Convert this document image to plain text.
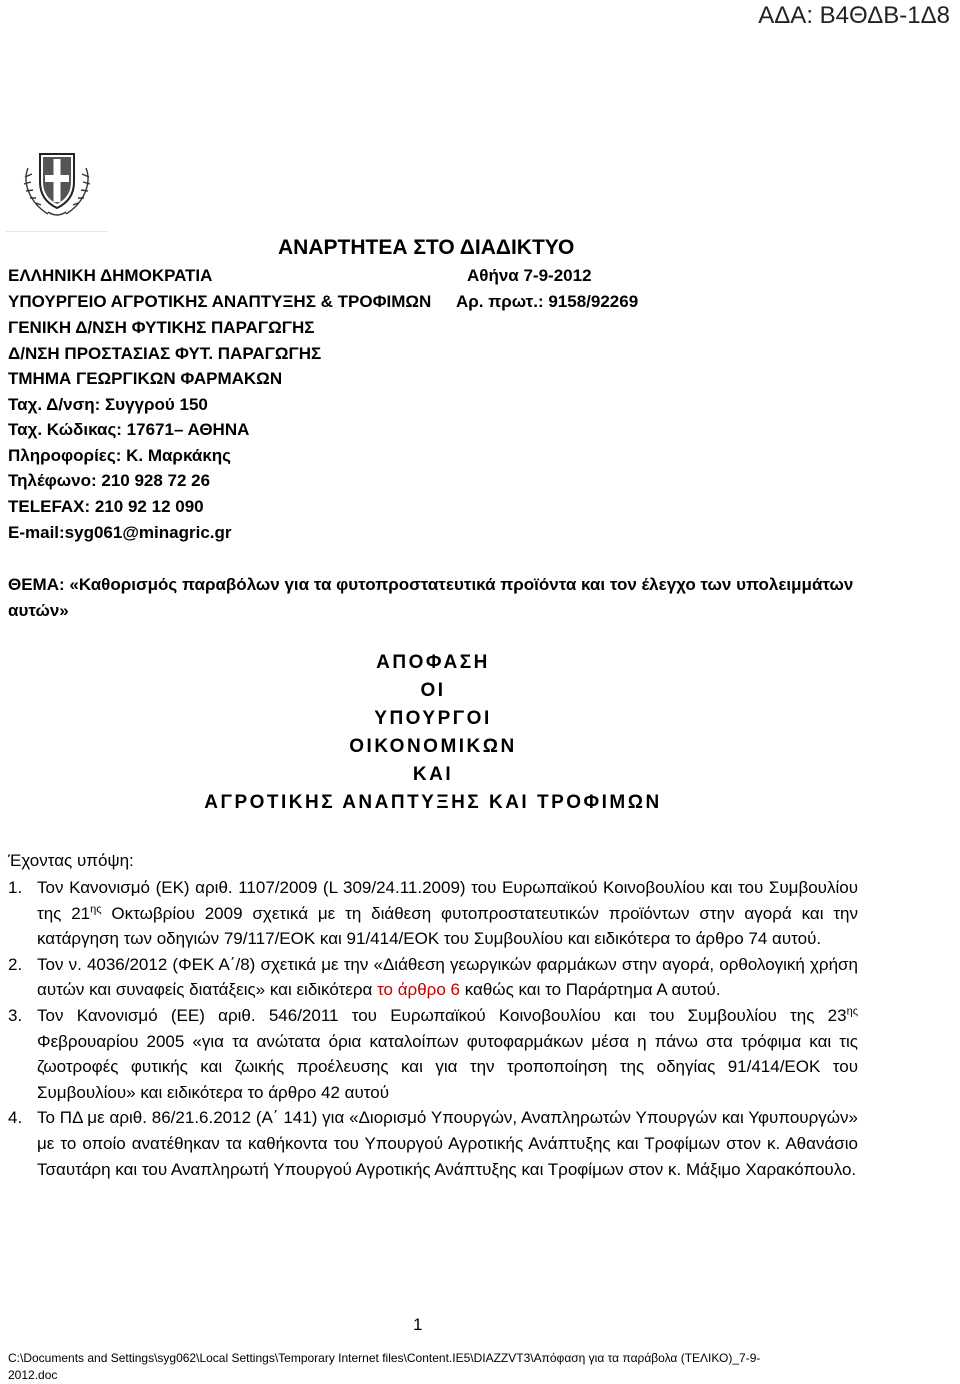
ΑΔΑ: Β4ΘΔΒ-1Δ8
ΑΝΑΡΤΗΤΕΑ ΣΤΟ ΔΙΑΔΙΚΤΥΟ
ΕΛΛΗΝΙΚΗ ΔΗΜΟΚΡΑΤΙΑ
ΥΠΟΥΡΓΕΙΟ ΑΓΡΟΤΙΚΗΣ ΑΝΑΠΤΥΞΗΣ & ΤΡΟΦΙΜΩΝ
ΓΕΝΙΚΗ Δ/ΝΣΗ ΦΥΤΙΚΗΣ ΠΑΡΑΓΩΓΗΣ
Δ/ΝΣΗ ΠΡΟΣΤΑΣΙΑΣ ΦΥΤ. ΠΑΡΑΓΩΓΗΣ
ΤΜΗΜΑ ΓΕΩΡΓΙΚΩΝ ΦΑΡΜΑΚΩΝ
Ταχ. Δ/νση: Συγγρού 150
Ταχ. Κώδικας: 17671– ΑΘΗΝΑ
Πληροφορίες: Κ. Μαρκάκης
Τηλέφωνο: 210 928 72 26
TELEFAX: 210 92 12 090
E-mail:syg061@minagric.gr
Αθήνα 7-9-2012
Αρ. πρωτ.: 9158/92269
ΘΕΜΑ: «Καθορισμός παραβόλων για τα φυτοπροστατευτικά προϊόντα και τον έλεγχο των υπολειμμάτων αυτών»
ΑΠΟΦΑΣΗ
ΟΙ
ΥΠΟΥΡΓΟΙ
ΟΙΚΟΝΟΜΙΚΩΝ
ΚΑΙ
ΑΓΡΟΤΙΚΗΣ ΑΝΑΠΤΥΞΗΣ ΚΑΙ ΤΡΟΦΙΜΩΝ
Έχοντας υπόψη:
1. Τον Κανονισμό (ΕΚ) αριθ. 1107/2009 (L 309/24.11.2009) του Ευρωπαϊκού Κοινοβουλίου και του Συμβουλίου της $21^{\eta\varsigma}$ Οκτωβρίου 2009 σχετικά με τη διάθεση φυτοπροστατευτικών προϊόντων στην αγορά και την κατάργηση των οδηγιών 79/117/ΕΟΚ και 91/414/ΕΟΚ του Συμβουλίου και ειδικότερα το άρθρο 74 αυτού.
2. Τον ν. 4036/2012 (ΦΕΚ Α΄/8) σχετικά με την «Διάθεση γεωργικών φαρμάκων στην αγορά, ορθολογική χρήση αυτών και συναφείς διατάξεις» και ειδικότερα το άρθρο 6 καθώς και το Παράρτημα Α αυτού.
3. Τον Κανονισμό (ΕΕ) αριθ. 546/2011 του Ευρωπαϊκού Κοινοβουλίου και του Συμβουλίου της $23^{\eta\varsigma}$ Φεβρουαρίου 2005 «για τα ανώτατα όρια καταλοίπων φυτοφαρμάκων μέσα η πάνω στα τρόφιμα και τις ζωοτροφές φυτικής και ζωικής προέλευσης και για την τροποποίηση της οδηγίας 91/414/ΕΟΚ του Συμβουλίου» και ειδικότερα το άρθρο 42 αυτού
4. Το ΠΔ με αριθ. 86/21.6.2012 (Α΄ 141) για «Διορισμό Υπουργών, Αναπληρωτών Υπουργών και Υφυπουργών» με το οποίο ανατέθηκαν τα καθήκοντα του Υπουργού Αγροτικής Ανάπτυξης και Τροφίμων στον κ. Αθανάσιο Τσαυτάρη και του Αναπληρωτή Υπουργού Αγροτικής Ανάπτυξης και Τροφίμων στον κ. Μάξιμο Χαρακόπουλο.
1
C:\Documents and Settings\syg062\Local Settings\Temporary Internet files\Content.IE5\DIAZZVT3\Απόφαση για τα παράβολα (ΤΕΛΙΚΟ)_7-9-2012.doc
